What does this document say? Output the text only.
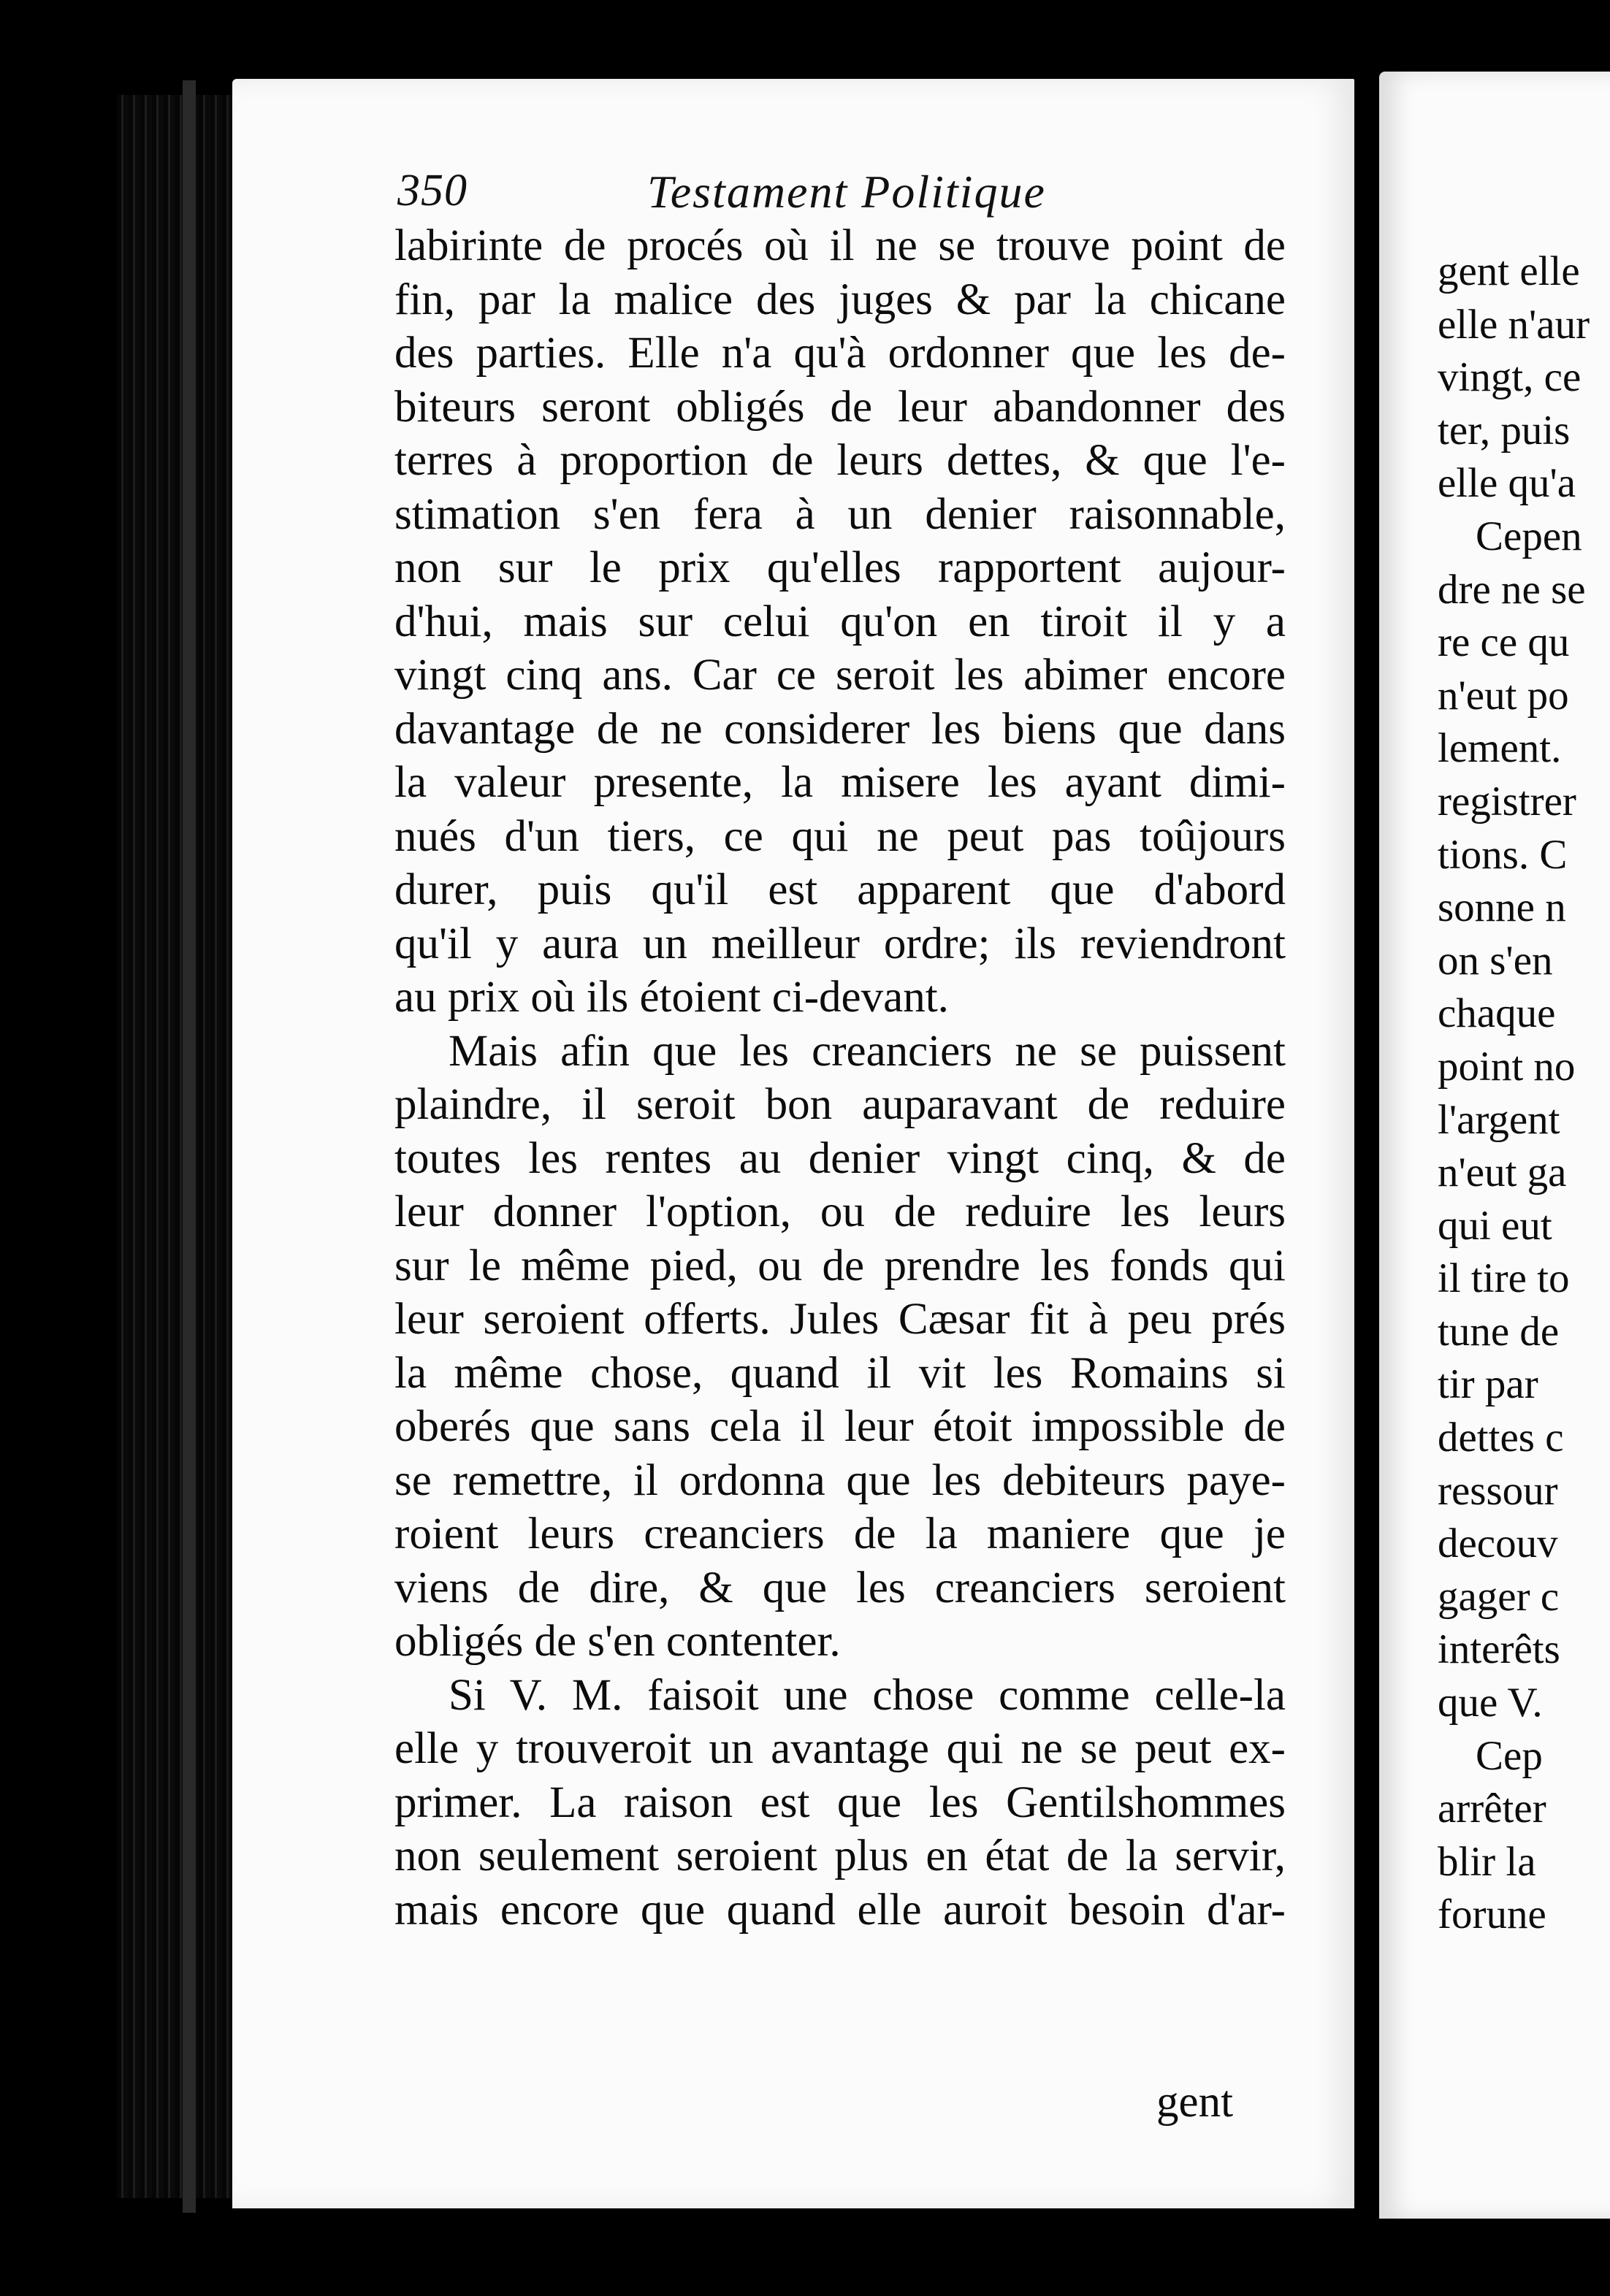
350	Testament Politique
labirinte de procés où il ne se trouve point de
fin, par la malice des juges & par la chicane
des parties. Elle n'a qu'à ordonner que les de-
biteurs seront obligés de leur abandonner des
terres à proportion de leurs dettes, & que l'e-
stimation s'en fera à un denier raisonnable,
non sur le prix qu'elles rapportent aujour-
d'hui, mais sur celui qu'on en tiroit il y a
vingt cinq ans. Car ce seroit les abimer encore
davantage de ne considerer les biens que dans
la valeur presente, la misere les ayant dimi-
nués d'un tiers, ce qui ne peut pas toûjours
durer, puis qu'il est apparent que d'abord
qu'il y aura un meilleur ordre; ils reviendront
au prix où ils étoient ci-devant.
Mais afin que les creanciers ne se puissent
plaindre, il seroit bon auparavant de reduire
toutes les rentes au denier vingt cinq, & de
leur donner l'option, ou de reduire les leurs
sur le même pied, ou de prendre les fonds qui
leur seroient offerts. Jules Cæsar fit à peu prés
la même chose, quand il vit les Romains si
oberés que sans cela il leur étoit impossible de
se remettre, il ordonna que les debiteurs paye-
roient leurs creanciers de la maniere que je
viens de dire, & que les creanciers seroient
obligés de s'en contenter.
Si V. M. faisoit une chose comme celle-la
elle y trouveroit un avantage qui ne se peut ex-
primer. La raison est que les Gentilshommes
non seulement seroient plus en état de la servir,
mais encore que quand elle auroit besoin d'ar-
gent
gent elle
elle n'aur
vingt, ce
ter, puis
elle qu'a
Cepen
dre ne se
re ce qu
n'eut po
lement.
registrer
tions. C
sonne n
on s'en
chaque
point no
l'argent
n'eut ga
qui eut
il tire to
tune de
tir par
dettes c
ressour
decouv
gager c
interêts
que V.
Cep
arrêter
blir la
forune
